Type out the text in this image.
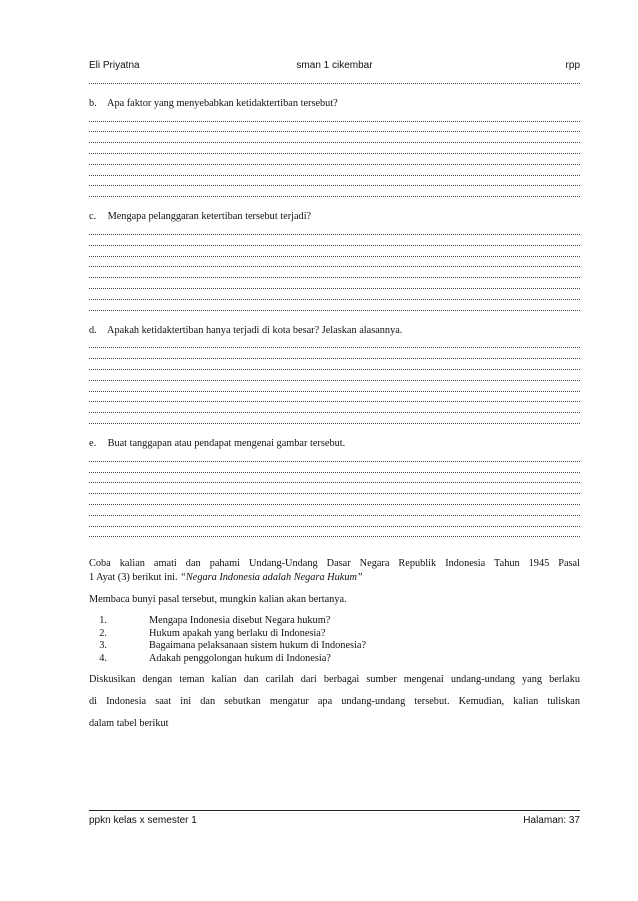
Eli Priyatna	sman 1 cikembar	rpp
b. Apa faktor yang menyebabkan ketidaktertiban tersebut?
c. Mengapa pelanggaran ketertiban tersebut terjadi?
d. Apakah ketidaktertiban hanya terjadi di kota besar? Jelaskan alasannya.
e. Buat tanggapan atau pendapat mengenai gambar tersebut.
Coba kalian amati dan pahami Undang-Undang Dasar Negara Republik Indonesia Tahun 1945 Pasal
1 Ayat (3) berikut ini. “Negara Indonesia adalah Negara Hukum”
Membaca bunyi pasal tersebut, mungkin kalian akan bertanya.
1.	Mengapa Indonesia disebut Negara hukum?
2.	Hukum apakah yang berlaku di Indonesia?
3.	Bagaimana pelaksanaan sistem hukum di Indonesia?
4.	Adakah penggolongan hukum di Indonesia?
Diskusikan dengan teman kalian dan carilah dari berbagai sumber mengenai undang-undang yang berlaku
di Indonesia saat ini dan sebutkan mengatur apa undang-undang tersebut. Kemudian, kalian tuliskan
dalam tabel berikut
ppkn kelas x semester 1	Halaman: 37
